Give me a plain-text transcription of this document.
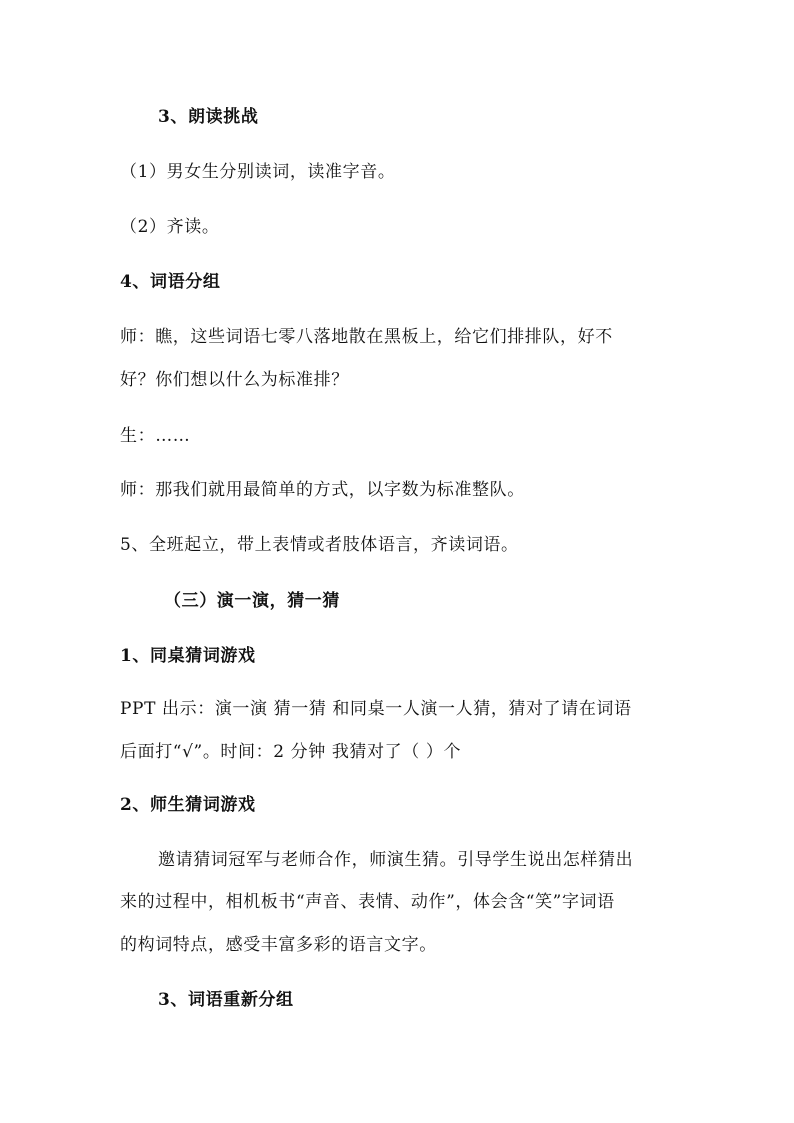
3、朗读挑战
（1）男女生分别读词，读准字音。
（2）齐读。
4、词语分组
师：瞧，这些词语七零八落地散在黑板上，给它们排排队，好不
好？你们想以什么为标准排？
生：……
师：那我们就用最简单的方式，以字数为标准整队。
5、全班起立，带上表情或者肢体语言，齐读词语。
（三）演一演，猜一猜
1、同桌猜词游戏
PPT 出示：演一演 猜一猜 和同桌一人演一人猜，猜对了请在词语
后面打“√”。时间：2 分钟 我猜对了（ ）个
2、师生猜词游戏
邀请猜词冠军与老师合作，师演生猜。引导学生说出怎样猜出
来的过程中，相机板书“声音、表情、动作”，体会含“笑”字词语
的构词特点，感受丰富多彩的语言文字。
3、词语重新分组
